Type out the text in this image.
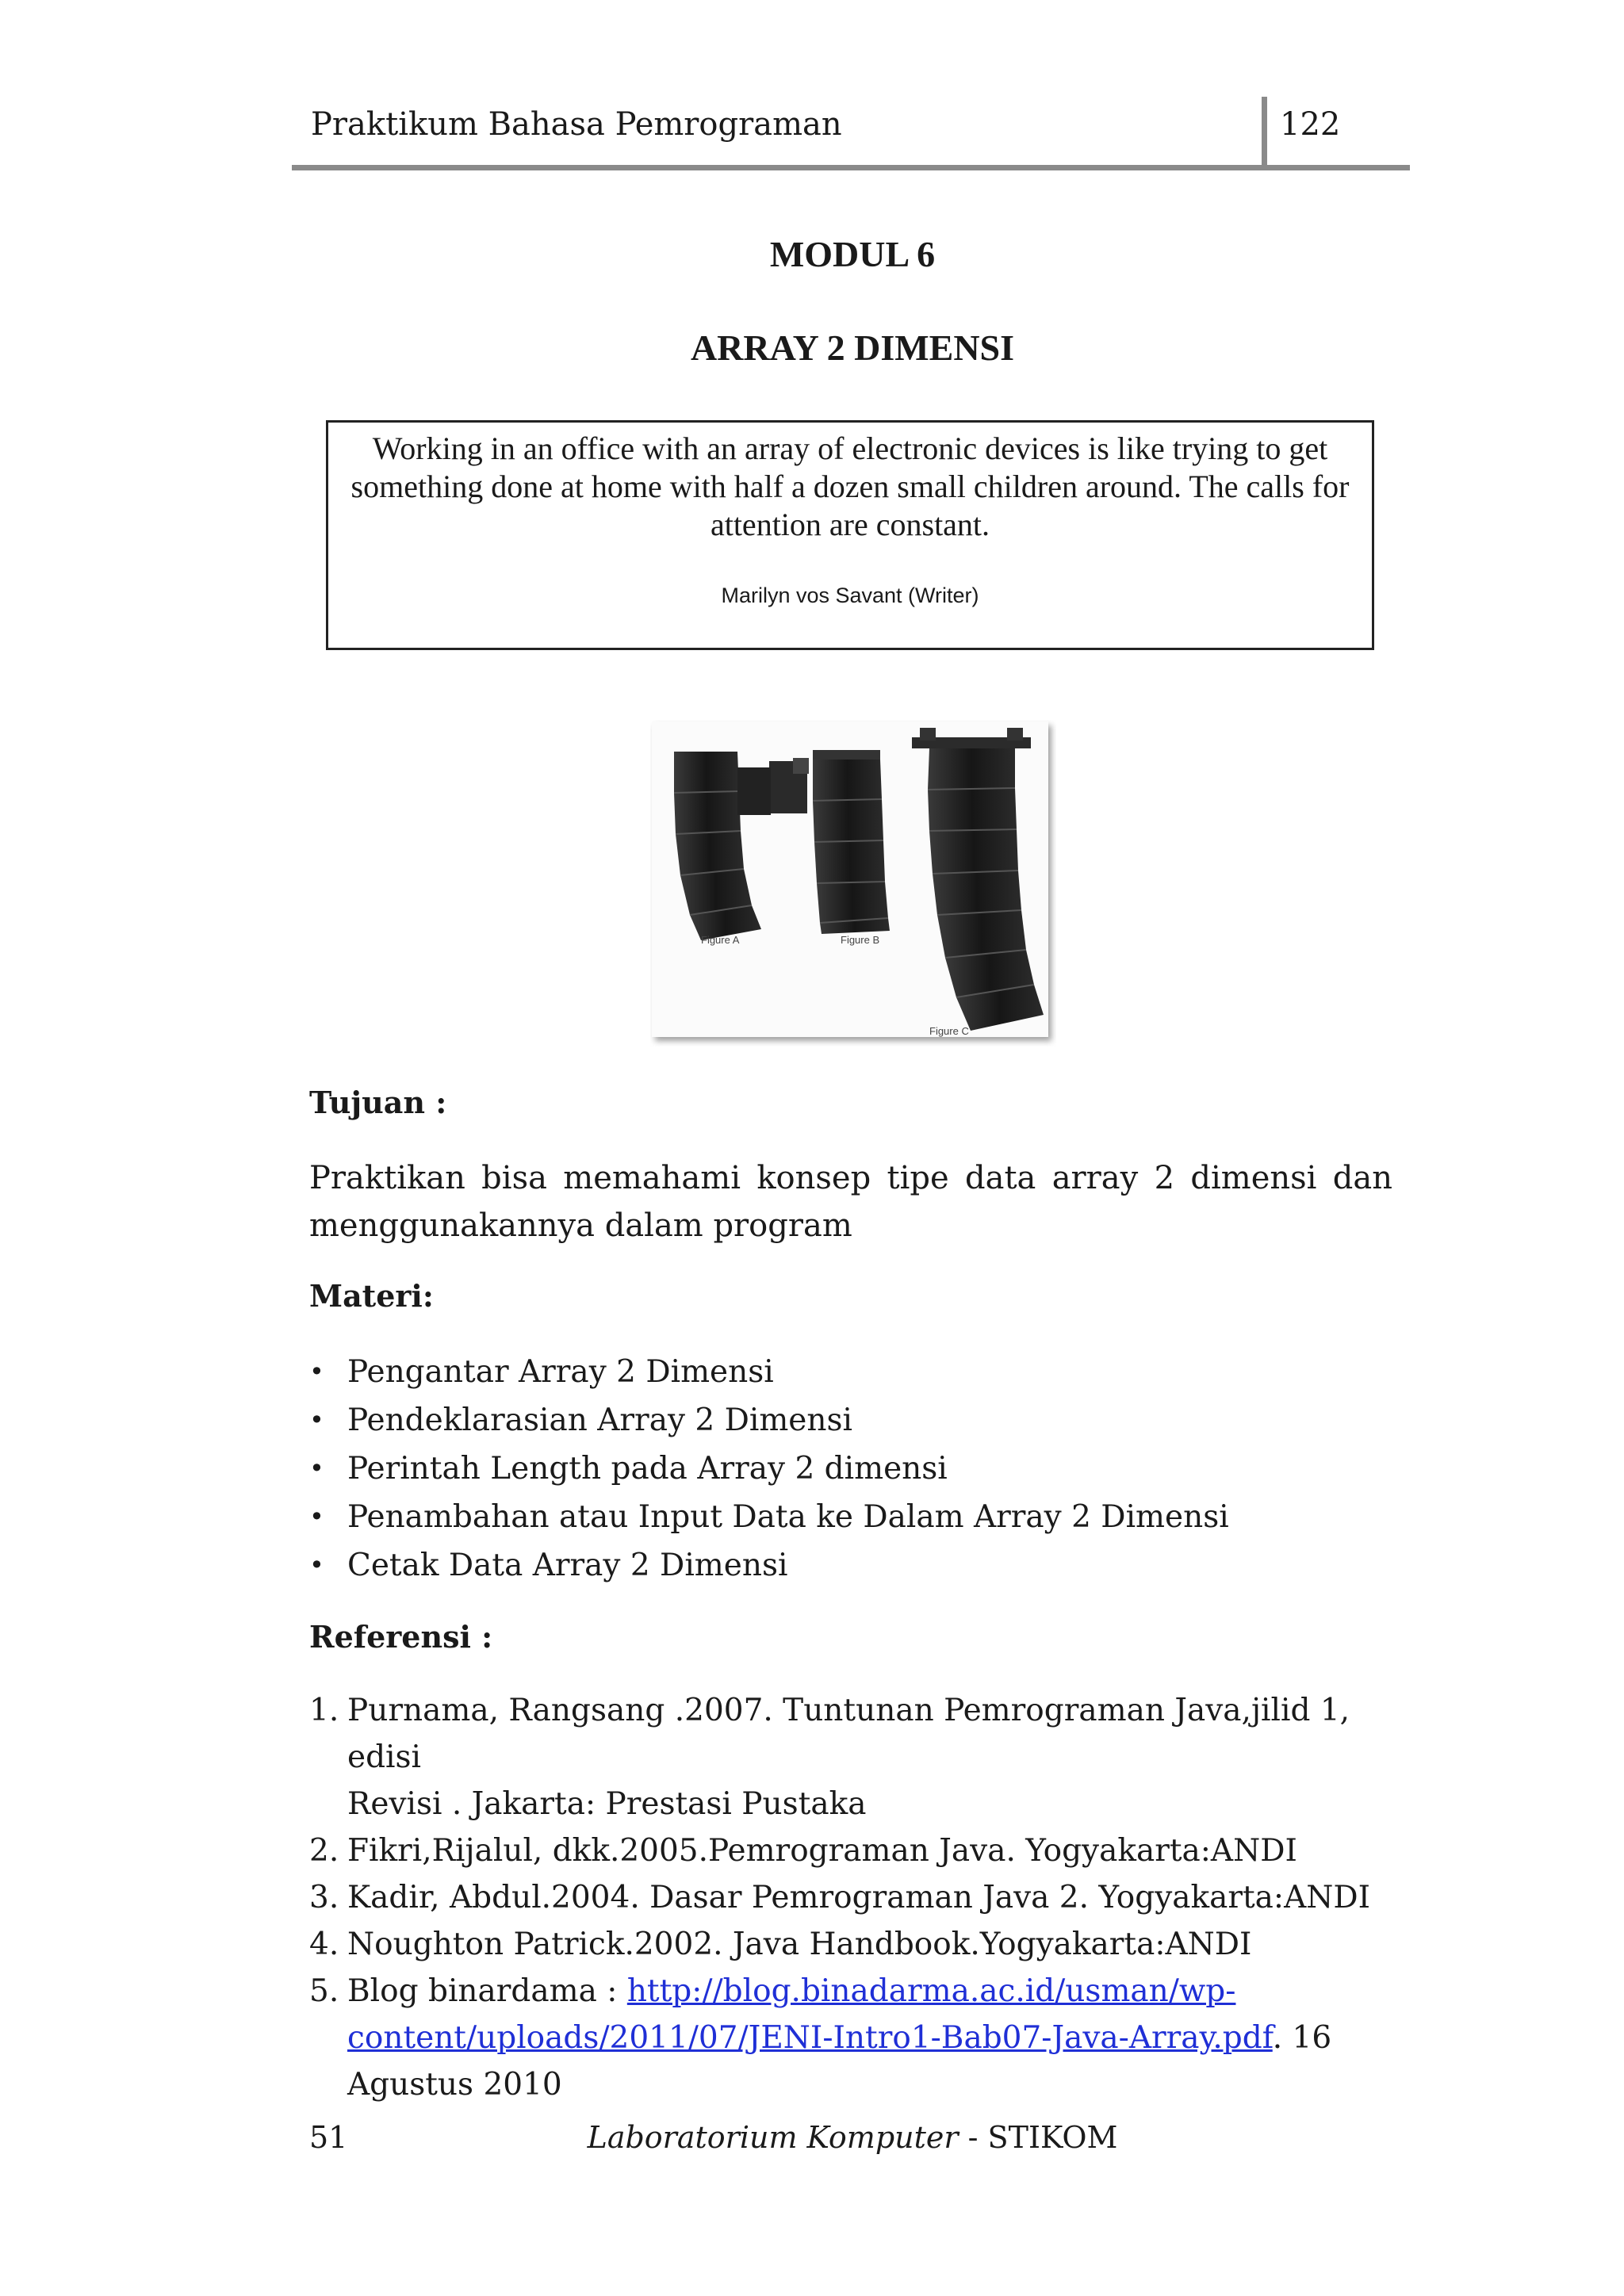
Praktikum Bahasa Pemrograman	122
MODUL 6
ARRAY 2 DIMENSI
Working in an office with an array of electronic devices is like trying to get something done at home with half a dozen small children around. The calls for attention are constant.
Marilyn vos Savant (Writer)
Figure A	Figure B
Figure C
Tujuan :
Praktikan bisa memahami konsep tipe data array 2 dimensi dan
menggunakannya dalam program
Materi:
• Pengantar Array 2 Dimensi
• Pendeklarasian Array 2 Dimensi
• Perintah Length pada Array 2 dimensi
• Penambahan atau Input Data ke Dalam Array 2 Dimensi
• Cetak Data Array 2 Dimensi
Referensi :
1. Purnama, Rangsang .2007. Tuntunan Pemrograman Java,jilid 1, edisi
Revisi . Jakarta: Prestasi Pustaka
2. Fikri,Rijalul, dkk.2005.Pemrograman Java. Yogyakarta:ANDI
3. Kadir, Abdul.2004. Dasar Pemrograman Java 2. Yogyakarta:ANDI
4. Noughton Patrick.2002. Java Handbook.Yogyakarta:ANDI
5. Blog binardama : http://blog.binadarma.ac.id/usman/wp-
content/uploads/2011/07/JENI-Intro1-Bab07-Java-Array.pdf. 16
Agustus 2010
51	Laboratorium Komputer - STIKOM
